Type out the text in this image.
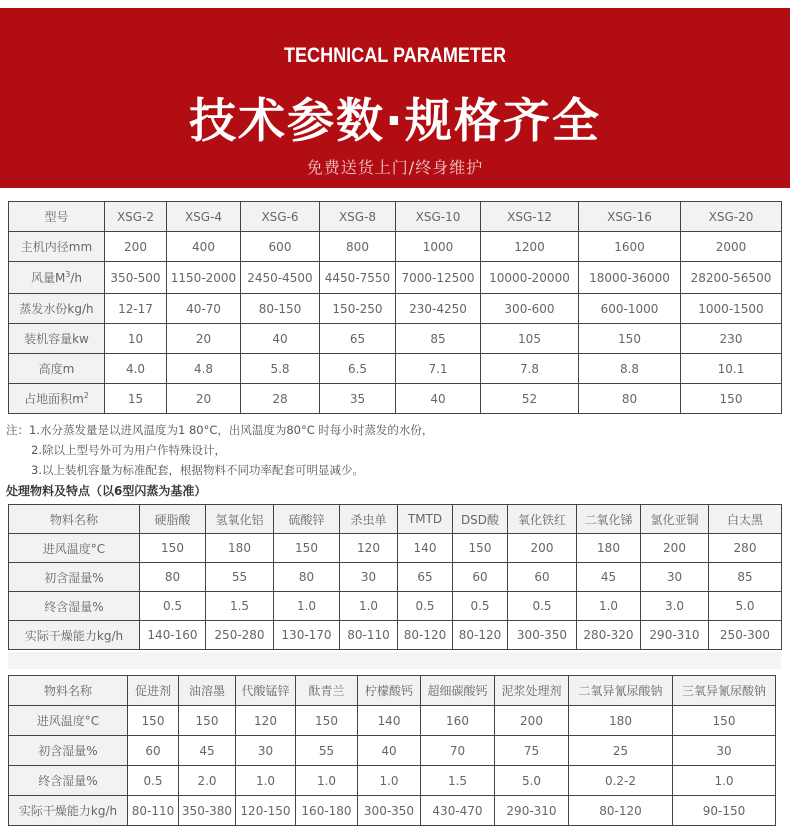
TECHNICAL PARAMETER
技术参数·规格齐全
免费送货上门/终身维护
型号	XSG-2	XSG-4	XSG-6	XSG-8	XSG-10	XSG-12	XSG-16	XSG-20
主机内径mm	200	400	600	800	1000	1200	1600	2000
风量$M^3/h$	350-500	1150-2000	2450-4500	4450-7550	7000-12500	10000-20000	18000-36000	28200-56500
蒸发水份kg/h	12-17	40-70	80-150	150-250	230-4250	300-600	600-1000	1000-1500
装机容量kw	10	20	40	65	85	105	150	230
高度m	4.0	4.8	5.8	6.5	7.1	7.8	8.8	10.1
占地面积$m^2$	15	20	28	35	40	52	80	150
注：1.水分蒸发量是以进风温度为1 80°C，出风温度为80°C 时每小时蒸发的水份，
2.除以上型号外可为用户作特殊设计，
3.以上装机容量为标准配套，根据物料不同功率配套可明显减少。
处理物料及特点（以6型闪蒸为基准）
物料名称	硬脂酸	氢氧化铝	硫酸锌	杀虫单	TMTD	DSD酸	氧化铁红	二氧化锑	氯化亚铜	白太黑
进风温度°C	150	180	150	120	140	150	200	180	200	280
初含湿量%	80	55	80	30	65	60	60	45	30	85
终含湿量%	0.5	1.5	1.0	1.0	0.5	0.5	0.5	1.0	3.0	5.0
实际干燥能力kg/h	140-160	250-280	130-170	80-110	80-120	80-120	300-350	280-320	290-310	250-300
物料名称	促进剂	油溶墨	代酸锰锌	酞青兰	柠檬酸钙	超细碳酸钙	泥浆处理剂	二氧异氰尿酸钠	三氧异氰尿酸钠
进风温度°C	150	150	120	150	140	160	200	180	150
初含湿量%	60	45	30	55	40	70	75	25	30
终含湿量%	0.5	2.0	1.0	1.0	1.0	1.5	5.0	0.2-2	1.0
实际干燥能力kg/h	80-110	350-380	120-150	160-180	300-350	430-470	290-310	80-120	90-150
